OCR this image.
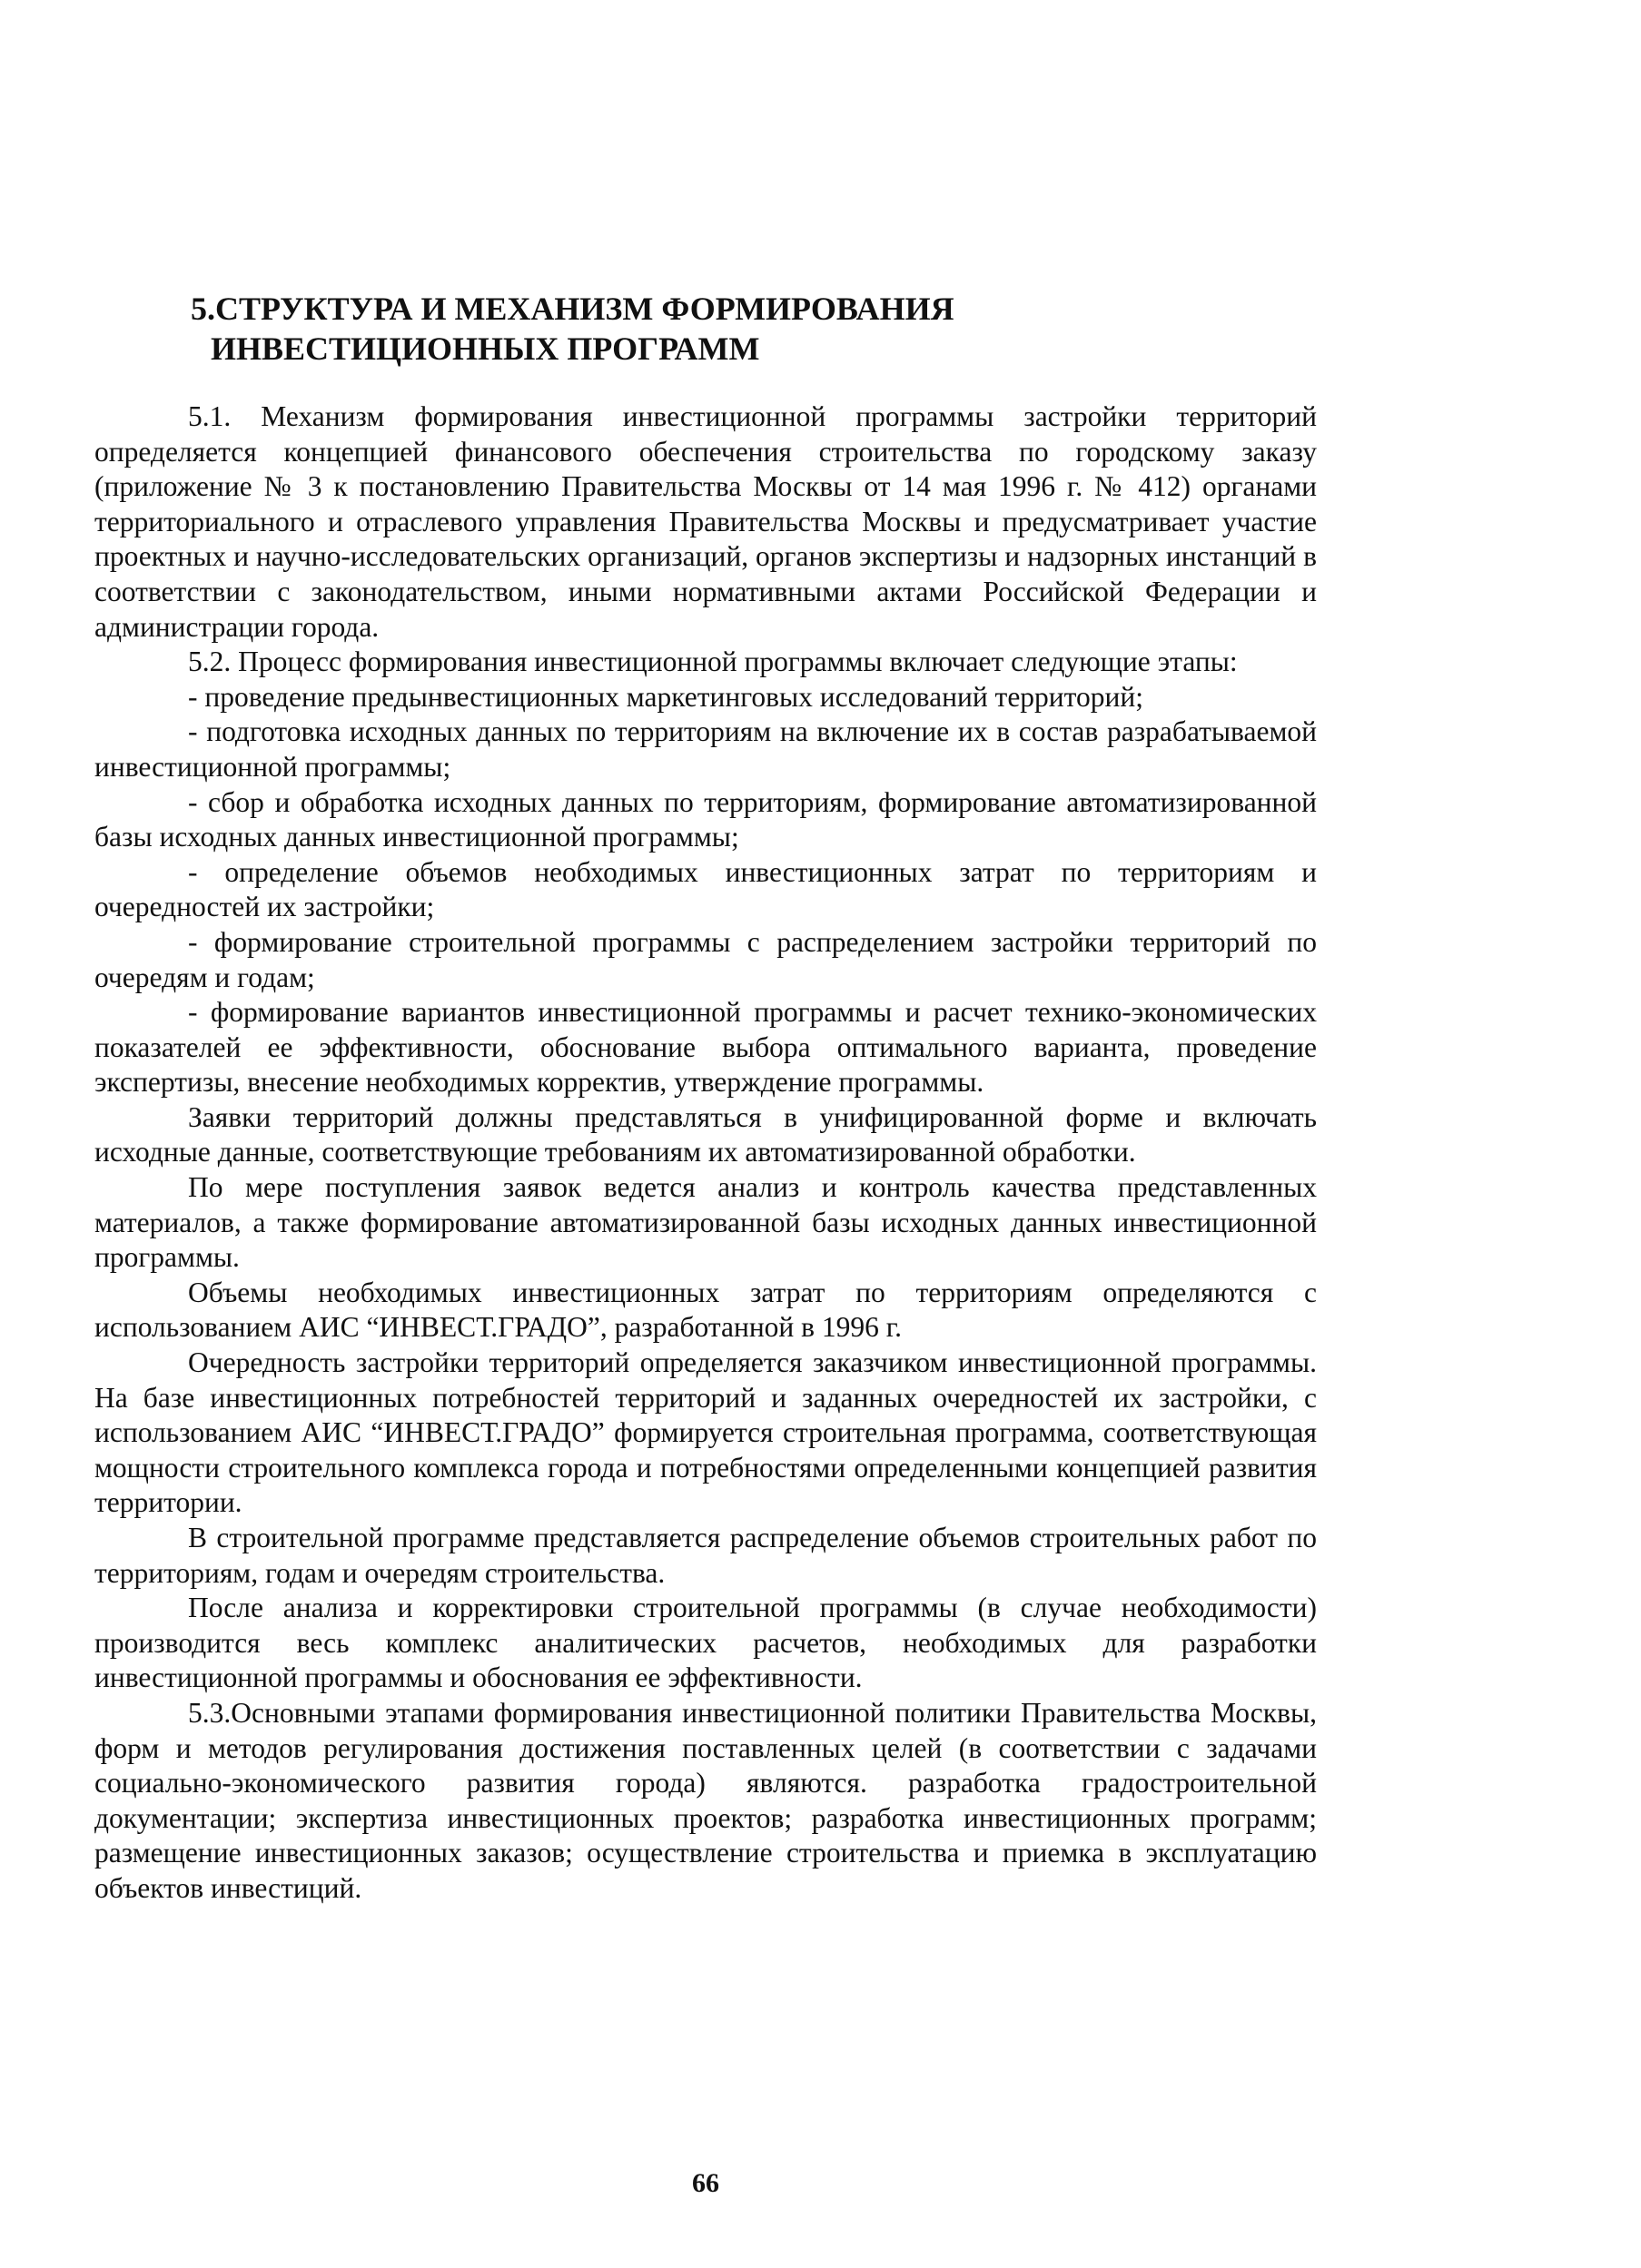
5.СТРУКТУРА И МЕХАНИЗМ ФОРМИРОВАНИЯ
ИНВЕСТИЦИОННЫХ ПРОГРАММ

5.1. Механизм формирования инвестиционной программы застройки территорий определяется концепцией финансового обеспечения строительства по городскому заказу (приложение № 3 к постановлению Правительства Москвы от 14 мая 1996 г. № 412) органами территориального и отраслевого управления Правительства Москвы и предусматривает участие проектных и научно-исследовательских организаций, органов экспертизы и надзорных инстанций в соответствии с законодательством, иными нормативными актами Российской Федерации и администрации города.

5.2. Процесс формирования инвестиционной программы включает следующие этапы:

- проведение предынвестиционных маркетинговых исследований территорий;

- подготовка исходных данных по территориям на включение их в состав разрабатываемой инвестиционной программы;

- сбор и обработка исходных данных по территориям, формирование автоматизированной базы исходных данных инвестиционной программы;

- определение объемов необходимых инвестиционных затрат по территориям и очередностей их застройки;

- формирование строительной программы с распределением застройки территорий по очередям и годам;

- формирование вариантов инвестиционной программы и расчет технико-экономических показателей ее эффективности, обоснование выбора оптимального варианта, проведение экспертизы, внесение необходимых корректив, утверждение программы.

Заявки территорий должны представляться в унифицированной форме и включать исходные данные, соответствующие требованиям их автоматизированной обработки.

По мере поступления заявок ведется анализ и контроль качества представленных материалов, а также формирование автоматизированной базы исходных данных инвестиционной программы.

Объемы необходимых инвестиционных затрат по территориям определяются с использованием АИС “ИНВЕСТ.ГРАДО”, разработанной в 1996 г.

Очередность застройки территорий определяется заказчиком инвестиционной программы. На базе инвестиционных потребностей территорий и заданных очередностей их застройки, с использованием АИС “ИНВЕСТ.ГРАДО” формируется строительная программа, соответствующая мощности строительного комплекса города и потребностями определенными концепцией развития территории.

В строительной программе представляется распределение объемов строительных работ по территориям, годам и очередям строительства.

После анализа и корректировки строительной программы (в случае необходимости) производится весь комплекс аналитических расчетов, необходимых для разработки инвестиционной программы и обоснования ее эффективности.

5.3.Основными этапами формирования инвестиционной политики Правительства Москвы, форм и методов регулирования достижения поставленных целей (в соответствии с задачами социально-экономического развития города) являются. разработка градостроительной документации; экспертиза инвестиционных проектов; разработка инвестиционных программ; размещение инвестиционных заказов; осуществление строительства и приемка в эксплуатацию объектов инвестиций.

66
